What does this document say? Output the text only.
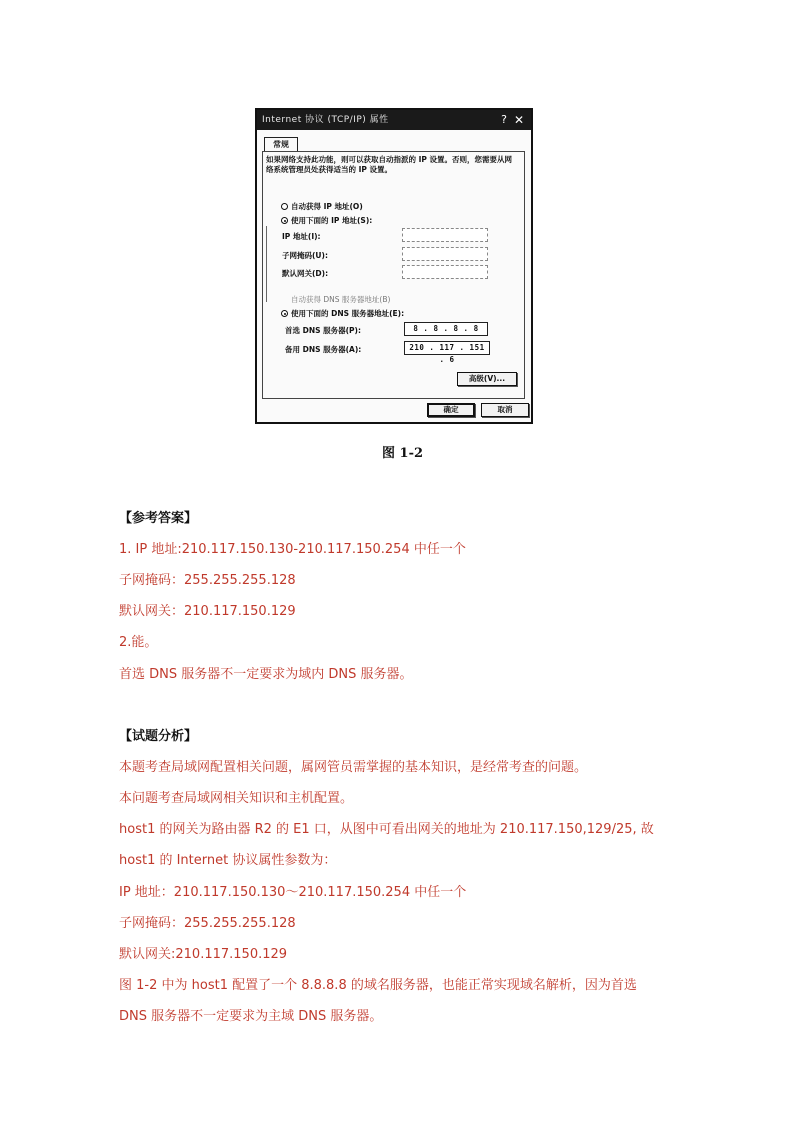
Internet 协议 (TCP/IP) 属性	? ✕
常规
如果网络支持此功能，则可以获取自动指派的 IP 设置。否则，您需要从网络系统管理员处获得适当的 IP 设置。
自动获得 IP 地址(O)
使用下面的 IP 地址(S):
IP 地址(I):
子网掩码(U):
默认网关(D):
自动获得 DNS 服务器地址(B)
使用下面的 DNS 服务器地址(E):
首选 DNS 服务器(P):	8 . 8 . 8 . 8
备用 DNS 服务器(A):	210 . 117 . 151 . 6
高级(V)...
确定	取消
图 1-2
【参考答案】
1. IP 地址:210.117.150.130-210.117.150.254 中任一个
子网掩码：255.255.255.128
默认网关：210.117.150.129
2.能。
首选 DNS 服务器不一定要求为域内 DNS 服务器。
【试题分析】
本题考查局域网配置相关问题，属网管员需掌握的基本知识，是经常考查的问题。
本问题考查局域网相关知识和主机配置。
host1 的网关为路由器 R2 的 E1 口，从图中可看出网关的地址为 210.117.150,129/25, 故
host1 的 Internet 协议属性参数为：
IP 地址：210.117.150.130～210.117.150.254 中任一个
子网掩码：255.255.255.128
默认网关:210.117.150.129
图 1-2 中为 host1 配置了一个 8.8.8.8 的域名服务器，也能正常实现域名解析，因为首选
DNS 服务器不一定要求为主域 DNS 服务器。
